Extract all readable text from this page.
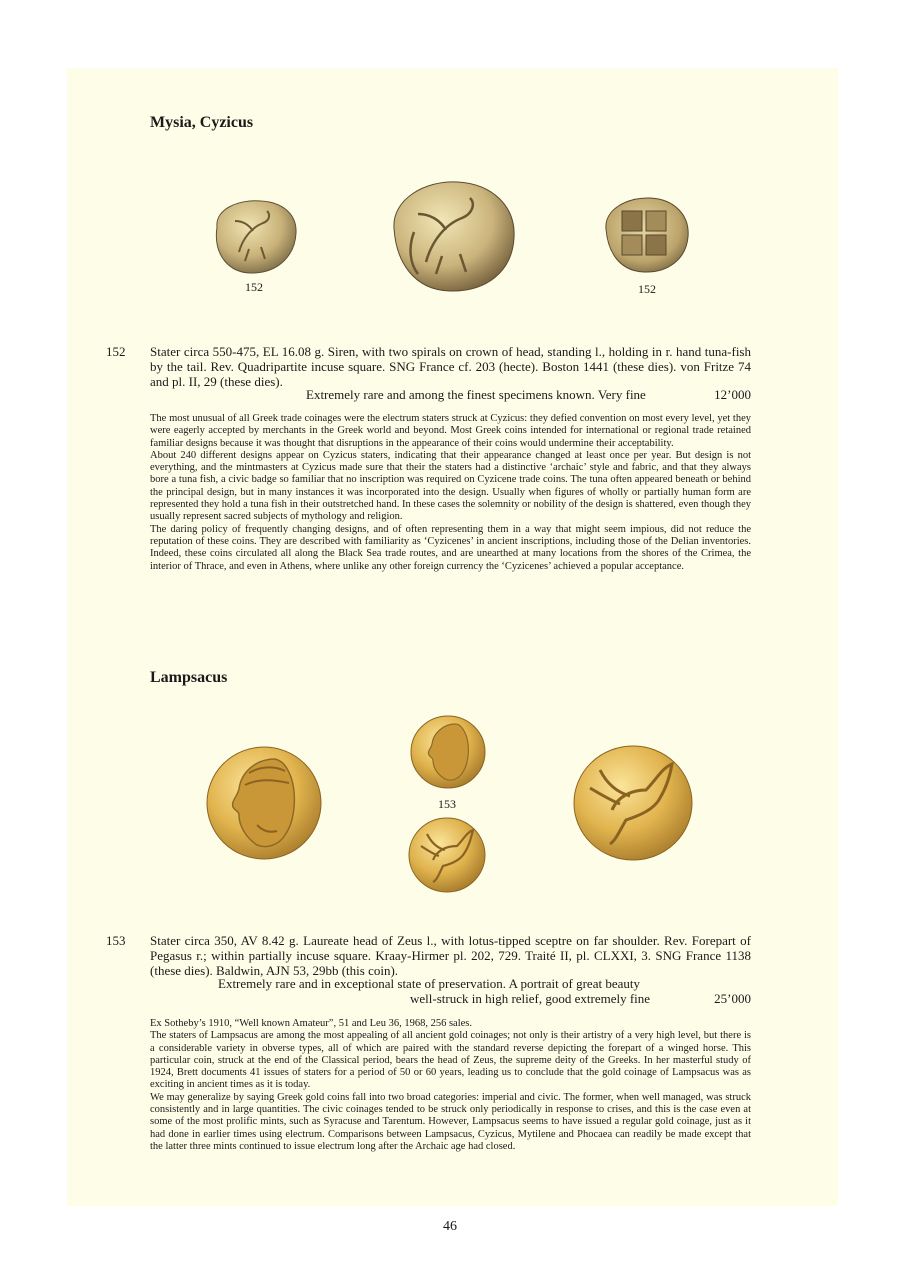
Mysia, Cyzicus
152	152
152 Stater circa 550-475, EL 16.08 g. Siren, with two spirals on crown of head, standing l., holding in r. hand tuna-fish by the tail. Rev. Quadripartite incuse square. SNG France cf. 203 (hecte). Boston 1441 (these dies). von Fritze 74 and pl. II, 29 (these dies).
Extremely rare and among the finest specimens known. Very fine	12’000

The most unusual of all Greek trade coinages were the electrum staters struck at Cyzicus: they defied convention on most every level, yet they were eagerly accepted by merchants in the Greek world and beyond. Most Greek coins intended for international or regional trade retained familiar designs because it was thought that disruptions in the appearance of their coins would undermine their acceptability.

About 240 different designs appear on Cyzicus staters, indicating that their appearance changed at least once per year. But design is not everything, and the mintmasters at Cyzicus made sure that their the staters had a distinctive ‘archaic’ style and fabric, and that they always bore a tuna fish, a civic badge so familiar that no inscription was required on Cyzicene trade coins. The tuna often appeared beneath or behind the principal design, but in many instances it was incorporated into the design. Usually when figures of wholly or partially human form are represented they hold a tuna fish in their outstretched hand. In these cases the solemnity or nobility of the design is shattered, even though they usually represent sacred subjects of mythology and religion.

The daring policy of frequently changing designs, and of often representing them in a way that might seem impious, did not reduce the reputation of these coins. They are described with familiarity as ‘Cyzicenes’ in ancient inscriptions, including those of the Delian inventories. Indeed, these coins circulated all along the Black Sea trade routes, and are unearthed at many locations from the shores of the Crimea, the interior of Thrace, and even in Athens, where unlike any other foreign currency the ‘Cyzicenes’ achieved a popular acceptance.

Lampsacus
153
153 Stater circa 350, AV 8.42 g. Laureate head of Zeus l., with lotus-tipped sceptre on far shoulder. Rev. Forepart of Pegasus r.; within partially incuse square. Kraay-Hirmer pl. 202, 729. Traité II, pl. CLXXI, 3. SNG France 1138 (these dies). Baldwin, AJN 53, 29bb (this coin).
Extremely rare and in exceptional state of preservation. A portrait of great beauty
well-struck in high relief, good extremely fine	25’000

Ex Sotheby’s 1910, “Well known Amateur”, 51 and Leu 36, 1968, 256 sales.

The staters of Lampsacus are among the most appealing of all ancient gold coinages; not only is their artistry of a very high level, but there is a considerable variety in obverse types, all of which are paired with the standard reverse depicting the forepart of a winged horse. This particular coin, struck at the end of the Classical period, bears the head of Zeus, the supreme deity of the Greeks. In her masterful study of 1924, Brett documents 41 issues of staters for a period of 50 or 60 years, leading us to conclude that the gold coinage of Lampsacus was as exciting in ancient times as it is today.

We may generalize by saying Greek gold coins fall into two broad categories: imperial and civic. The former, when well managed, was struck consistently and in large quantities. The civic coinages tended to be struck only periodically in response to crises, and this is the case even at some of the most prolific mints, such as Syracuse and Tarentum. However, Lampsacus seems to have issued a regular gold coinage, just as it had done in earlier times using electrum. Comparisons between Lampsacus, Cyzicus, Mytilene and Phocaea can readily be made except that the latter three mints continued to issue electrum long after the Archaic age had closed.

46
